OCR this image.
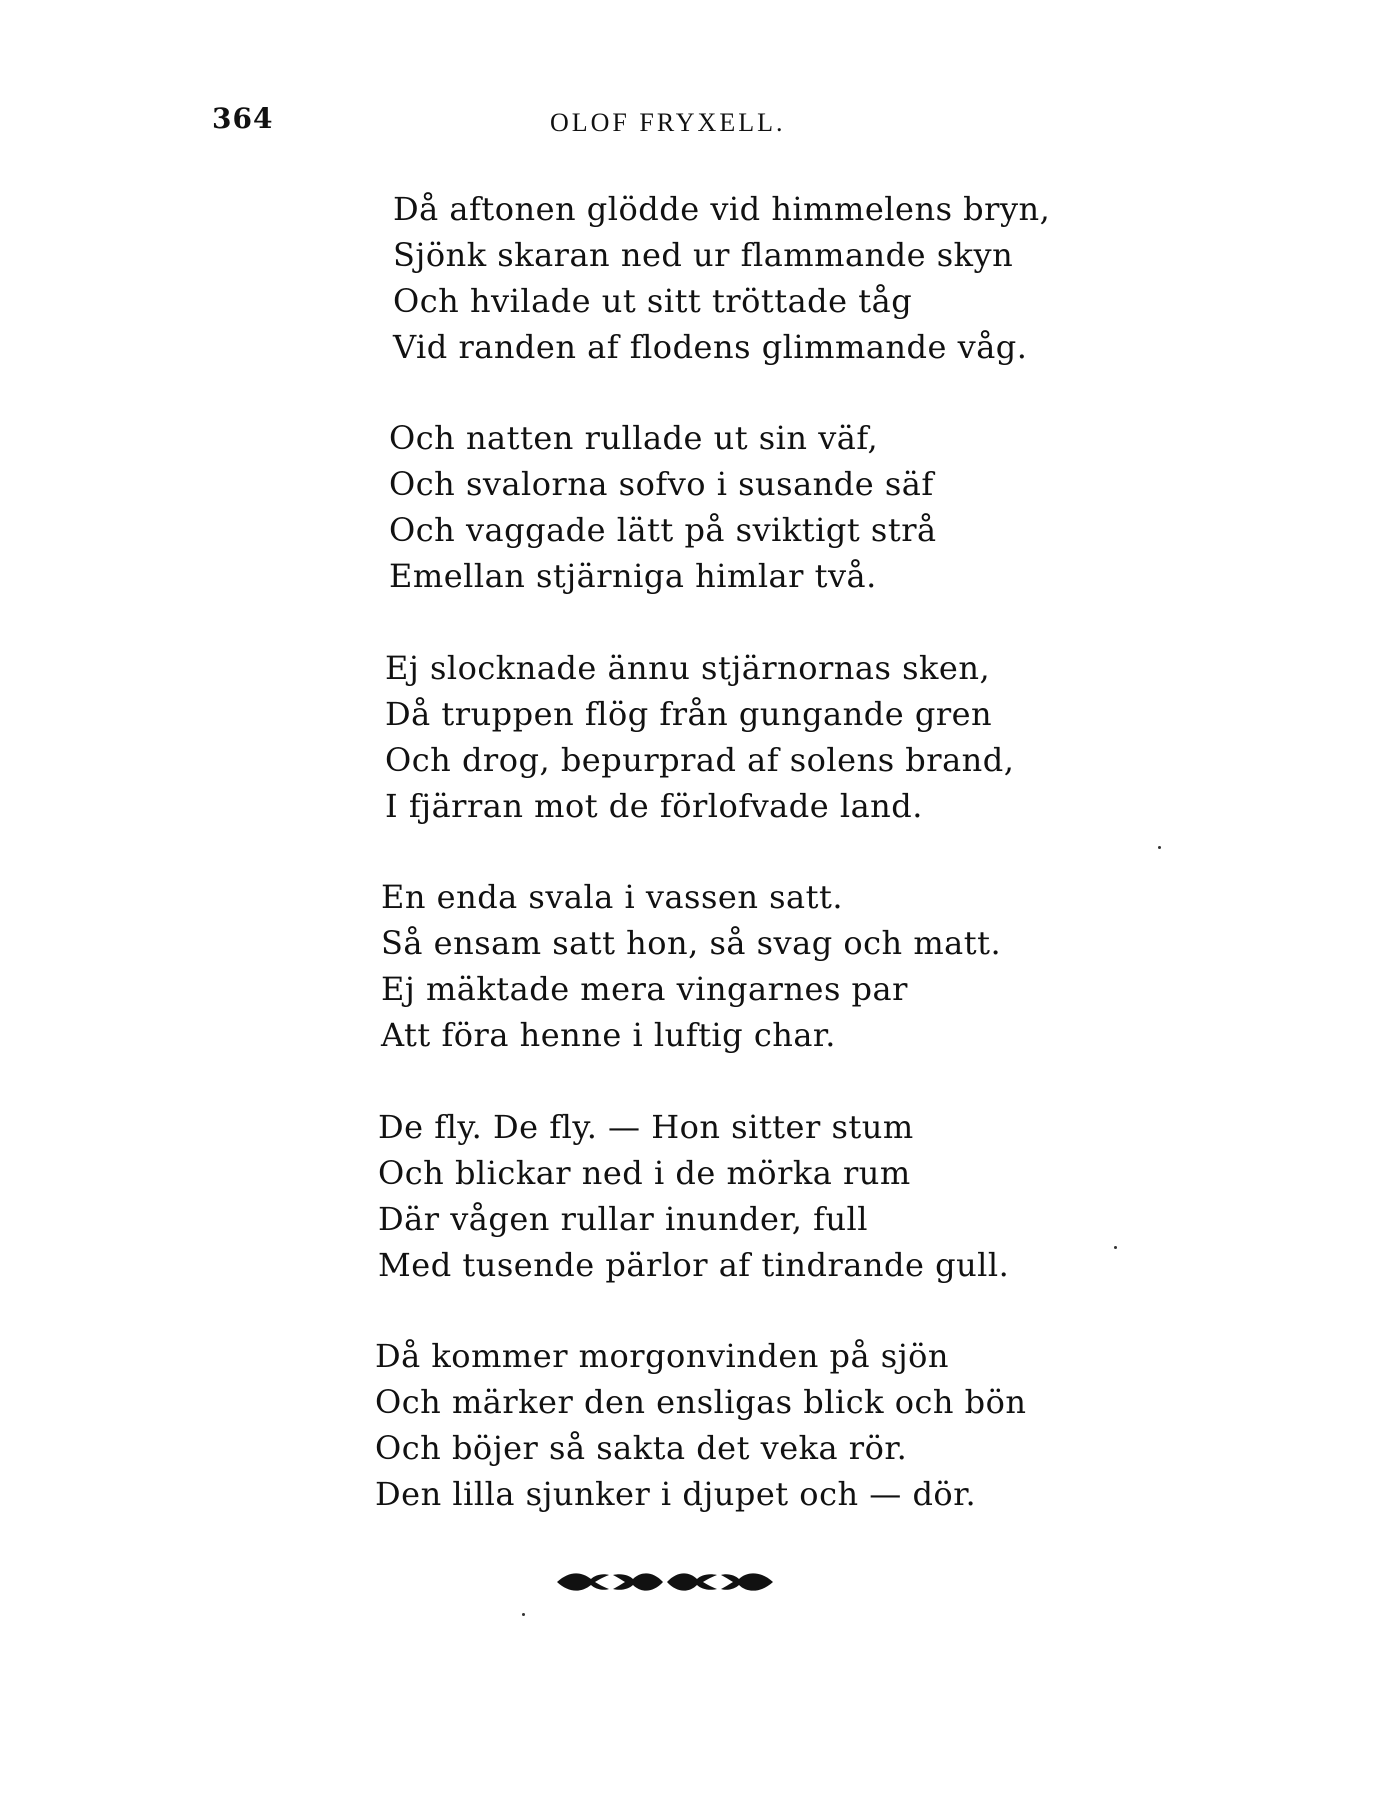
364	OLOF FRYXELL.
Då aftonen glödde vid himmelens bryn,
Sjönk skaran ned ur flammande skyn
Och hvilade ut sitt tröttade tåg
Vid randen af flodens glimmande våg.
Och natten rullade ut sin väf,
Och svalorna sofvo i susande säf
Och vaggade lätt på sviktigt strå
Emellan stjärniga himlar två.
Ej slocknade ännu stjärnornas sken,
Då truppen flög från gungande gren
Och drog, bepurprad af solens brand,
I fjärran mot de förlofvade land.
En enda svala i vassen satt.
Så ensam satt hon, så svag och matt.
Ej mäktade mera vingarnes par
Att föra henne i luftig char.
De fly. De fly. — Hon sitter stum
Och blickar ned i de mörka rum
Där vågen rullar inunder, full
Med tusende pärlor af tindrande gull.
Då kommer morgonvinden på sjön
Och märker den ensligas blick och bön
Och böjer så sakta det veka rör.
Den lilla sjunker i djupet och — dör.
